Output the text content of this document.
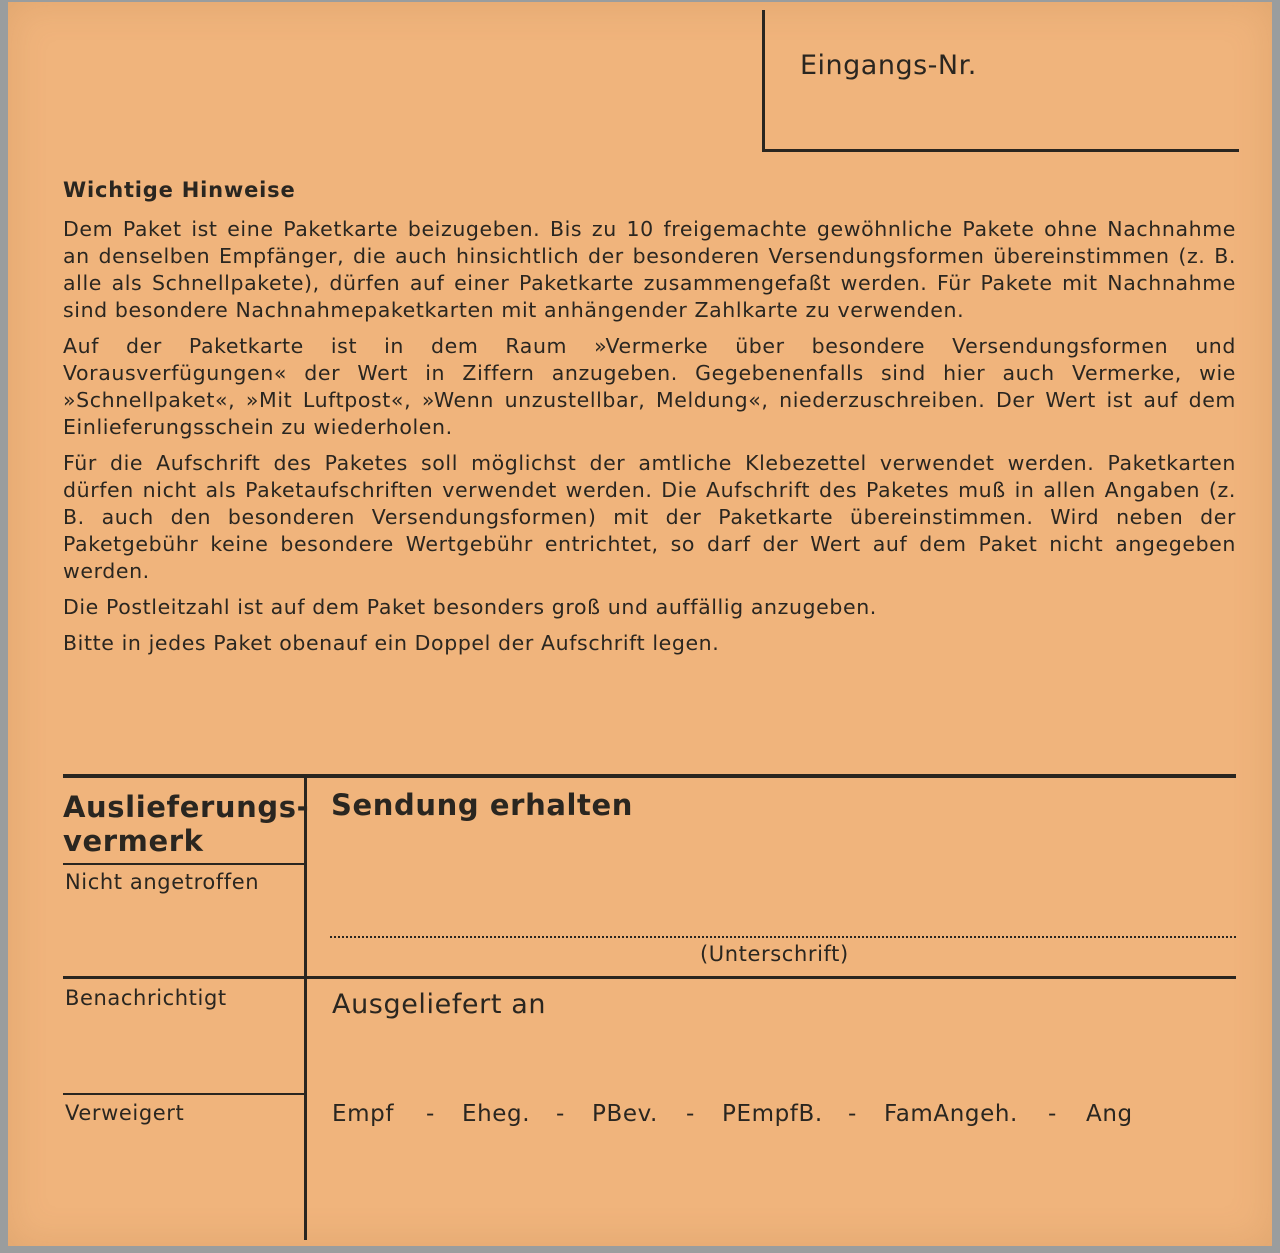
Eingangs-Nr.
Wichtige Hinweise

Dem Paket ist eine Paketkarte beizugeben. Bis zu 10 freigemachte gewöhnliche Pakete ohne Nachnahme an denselben Empfänger, die auch hinsichtlich der besonderen Versendungsformen übereinstimmen (z. B. alle als Schnellpakete), dürfen auf einer Paketkarte zusammengefaßt werden. Für Pakete mit Nachnahme sind besondere Nachnahmepaketkarten mit anhängender Zahlkarte zu verwenden.

Auf der Paketkarte ist in dem Raum »Vermerke über besondere Versendungsformen und Vorausverfügungen« der Wert in Ziffern anzugeben. Gegebenenfalls sind hier auch Vermerke, wie »Schnellpaket«, »Mit Luftpost«, »Wenn unzustellbar, Meldung«, niederzuschreiben. Der Wert ist auf dem Einlieferungsschein zu wiederholen.

Für die Aufschrift des Paketes soll möglichst der amtliche Klebezettel verwendet werden. Paketkarten dürfen nicht als Paketaufschriften verwendet werden. Die Aufschrift des Paketes muß in allen Angaben (z. B. auch den besonderen Versendungsformen) mit der Paketkarte übereinstimmen. Wird neben der Paketgebühr keine besondere Wertgebühr entrichtet, so darf der Wert auf dem Paket nicht angegeben werden.

Die Postleitzahl ist auf dem Paket besonders groß und auffällig anzugeben.

Bitte in jedes Paket obenauf ein Doppel der Aufschrift legen.

Auslieferungs-
vermerk
Nicht angetroffen
Benachrichtigt
Verweigert
Sendung erhalten
(Unterschrift)
Ausgeliefert an
Empf	-	Eheg.	-	PBev.	-	PEmpfB.	-	FamAngeh.	-	Ang
